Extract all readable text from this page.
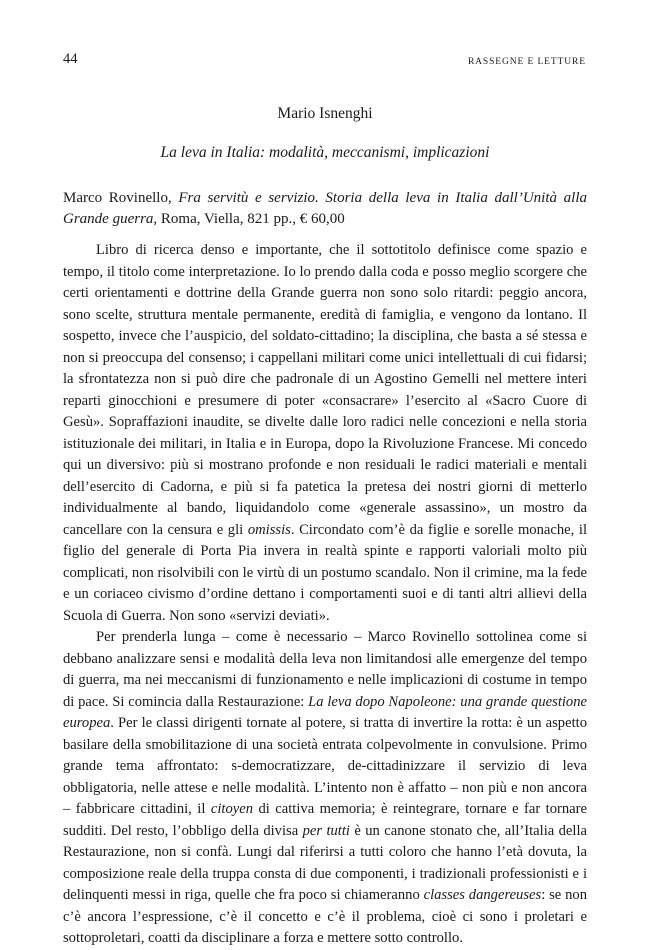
44	RASSEGNE E LETTURE
Mario Isnenghi
La leva in Italia: modalità, meccanismi, implicazioni
Marco Rovinello, Fra servitù e servizio. Storia della leva in Italia dall’Unità alla Grande guerra, Roma, Viella, 821 pp., € 60,00

Libro di ricerca denso e importante, che il sottotitolo definisce come spazio e tempo, il titolo come interpretazione. Io lo prendo dalla coda e posso meglio scorgere che certi orientamenti e dottrine della Grande guerra non sono solo ritardi: peggio ancora, sono scelte, struttura mentale permanente, eredità di famiglia, e vengono da lontano. Il sospetto, invece che l’auspicio, del soldato-cittadino; la disciplina, che basta a sé stessa e non si preoccupa del consenso; i cappellani militari come unici intellettuali di cui fidarsi; la sfrontatezza non si può dire che padronale di un Agostino Gemelli nel mettere interi reparti ginocchioni e presumere di poter «consacrare» l’esercito al «Sacro Cuore di Gesù». Sopraffazioni inaudite, se divelte dalle loro radici nelle concezioni e nella storia istituzionale dei militari, in Italia e in Europa, dopo la Rivoluzione Francese. Mi concedo qui un diversivo: più si mostrano profonde e non residuali le radici materiali e mentali dell’esercito di Cadorna, e più si fa patetica la pretesa dei nostri giorni di metterlo individualmente al bando, liquidandolo come «generale assassino», un mostro da cancellare con la censura e gli omissis. Circondato com’è da figlie e sorelle monache, il figlio del generale di Porta Pia invera in realtà spinte e rapporti valoriali molto più complicati, non risolvibili con le virtù di un postumo scandalo. Non il crimine, ma la fede e un coriaceo civismo d’ordine dettano i comportamenti suoi e di tanti altri allievi della Scuola di Guerra. Non sono «servizi deviati».

Per prenderla lunga – come è necessario – Marco Rovinello sottolinea come si debbano analizzare sensi e modalità della leva non limitandosi alle emergenze del tempo di guerra, ma nei meccanismi di funzionamento e nelle implicazioni di costume in tempo di pace. Si comincia dalla Restaurazione: La leva dopo Napoleone: una grande questione europea. Per le classi dirigenti tornate al potere, si tratta di invertire la rotta: è un aspetto basilare della smobilitazione di una società entrata colpevolmente in convulsione. Primo grande tema affrontato: s-democratizzare, de-cittadinizzare il servizio di leva obbligatoria, nelle attese e nelle modalità. L’intento non è affatto – non più e non ancora – fabbricare cittadini, il citoyen di cattiva memoria; è reintegrare, tornare e far tornare sudditi. Del resto, l’obbligo della divisa per tutti è un canone stonato che, all’Italia della Restaurazione, non si confà. Lungi dal riferirsi a tutti coloro che hanno l’età dovuta, la composizione reale della truppa consta di due componenti, i tradizionali professionisti e i delinquenti messi in riga, quelle che fra poco si chiameranno classes dangereuses: se non c’è ancora l’espressione, c’è il concetto e c’è il problema, cioè ci sono i proletari e sottoproletari, coatti da disciplinare a forza e mettere sotto controllo.
